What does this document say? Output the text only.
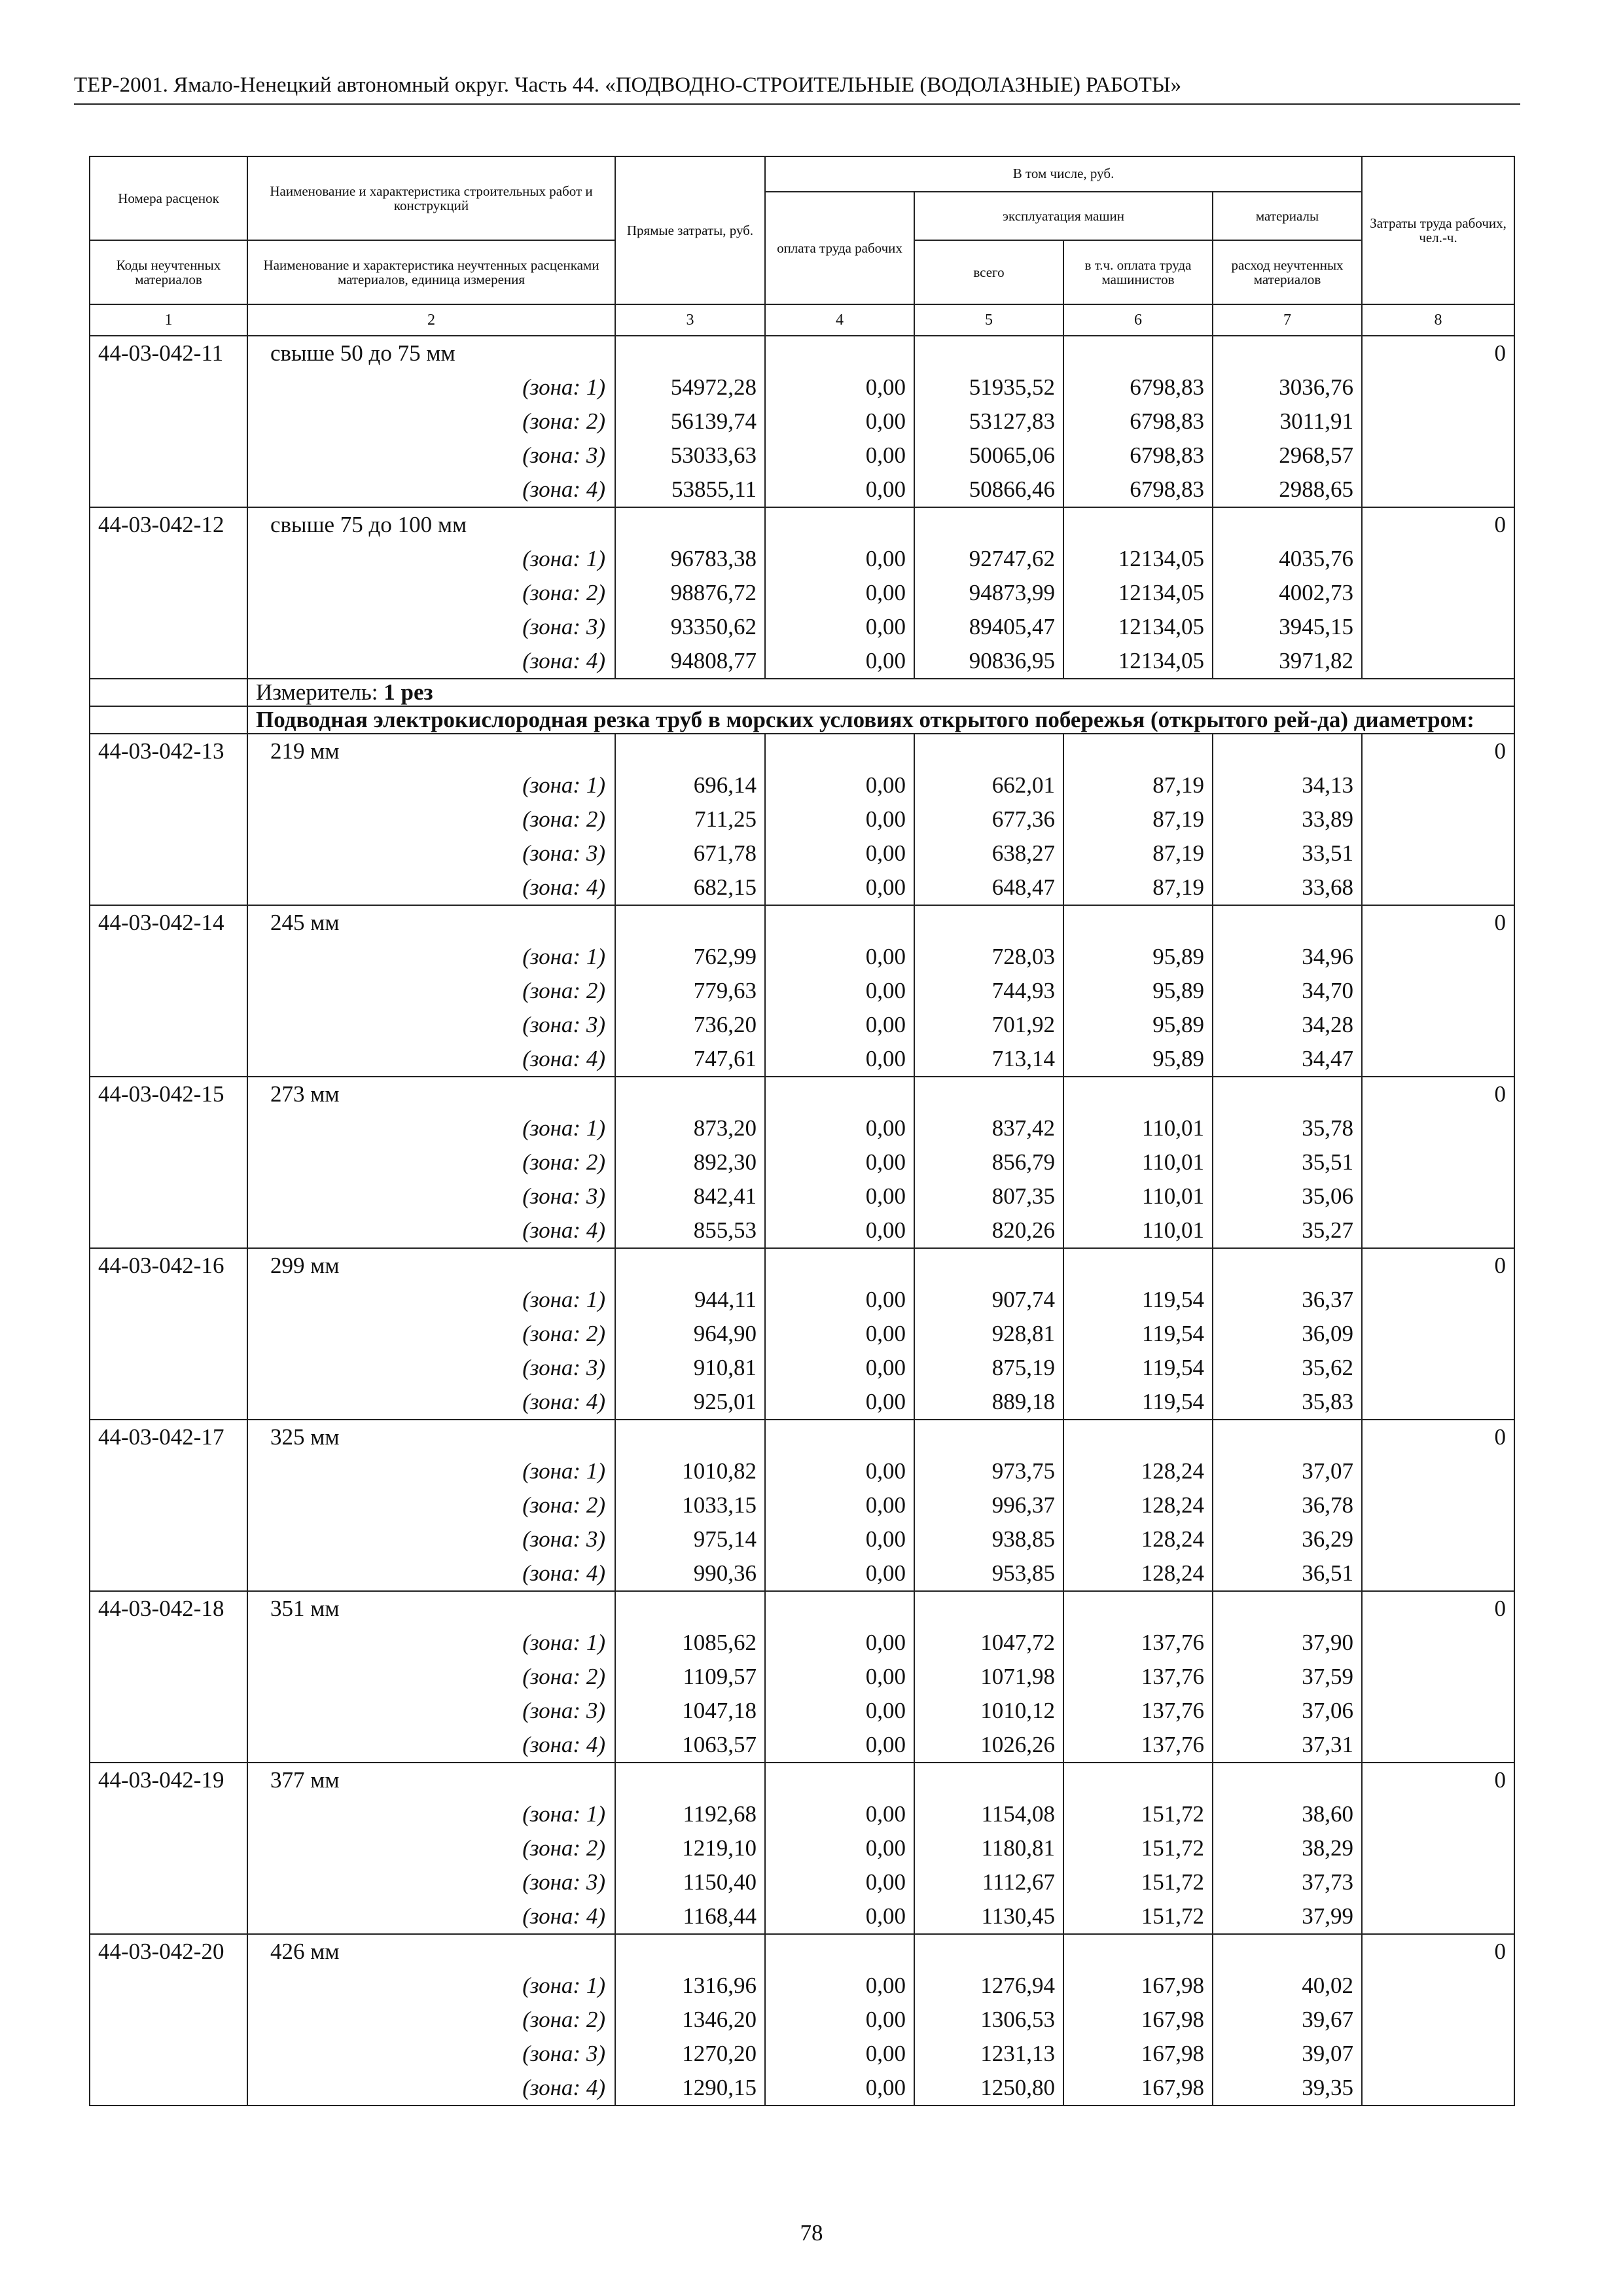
ТЕР-2001. Ямало-Ненецкий автономный округ. Часть 44. «ПОДВОДНО-СТРОИТЕЛЬНЫЕ (ВОДОЛАЗНЫЕ) РАБОТЫ»
Номера расценок	Наименование и характеристика строительных работ и конструкций	Прямые затраты, руб.	В том числе, руб.				Затраты труда рабочих, чел.-ч.
			оплата труда рабочих	эксплуатация машин		материалы	
Коды неучтенных материалов	Наименование и характеристика неучтенных расценками материалов, единица измерения			всего	в т.ч. оплата труда машинистов	расход неучтенных материалов	
1	2	3	4	5	6	7	8
44-03-042-11	свыше 50 до 75 мм						0
	(зона: 1)	54972,28	0,00	51935,52	6798,83	3036,76	
	(зона: 2)	56139,74	0,00	53127,83	6798,83	3011,91	
	(зона: 3)	53033,63	0,00	50065,06	6798,83	2968,57	
	(зона: 4)	53855,11	0,00	50866,46	6798,83	2988,65	
44-03-042-12	свыше 75 до 100 мм						0
	(зона: 1)	96783,38	0,00	92747,62	12134,05	4035,76	
	(зона: 2)	98876,72	0,00	94873,99	12134,05	4002,73	
	(зона: 3)	93350,62	0,00	89405,47	12134,05	3945,15	
	(зона: 4)	94808,77	0,00	90836,95	12134,05	3971,82	
	Измеритель: 1 рез						
	Подводная электрокислородная резка труб в морских условиях открытого побережья (открытого рей-да) диаметром:						
44-03-042-13	219 мм						0
	(зона: 1)	696,14	0,00	662,01	87,19	34,13	
	(зона: 2)	711,25	0,00	677,36	87,19	33,89	
	(зона: 3)	671,78	0,00	638,27	87,19	33,51	
	(зона: 4)	682,15	0,00	648,47	87,19	33,68	
44-03-042-14	245 мм						0
	(зона: 1)	762,99	0,00	728,03	95,89	34,96	
	(зона: 2)	779,63	0,00	744,93	95,89	34,70	
	(зона: 3)	736,20	0,00	701,92	95,89	34,28	
	(зона: 4)	747,61	0,00	713,14	95,89	34,47	
44-03-042-15	273 мм						0
	(зона: 1)	873,20	0,00	837,42	110,01	35,78	
	(зона: 2)	892,30	0,00	856,79	110,01	35,51	
	(зона: 3)	842,41	0,00	807,35	110,01	35,06	
	(зона: 4)	855,53	0,00	820,26	110,01	35,27	
44-03-042-16	299 мм						0
	(зона: 1)	944,11	0,00	907,74	119,54	36,37	
	(зона: 2)	964,90	0,00	928,81	119,54	36,09	
	(зона: 3)	910,81	0,00	875,19	119,54	35,62	
	(зона: 4)	925,01	0,00	889,18	119,54	35,83	
44-03-042-17	325 мм						0
	(зона: 1)	1010,82	0,00	973,75	128,24	37,07	
	(зона: 2)	1033,15	0,00	996,37	128,24	36,78	
	(зона: 3)	975,14	0,00	938,85	128,24	36,29	
	(зона: 4)	990,36	0,00	953,85	128,24	36,51	
44-03-042-18	351 мм						0
	(зона: 1)	1085,62	0,00	1047,72	137,76	37,90	
	(зона: 2)	1109,57	0,00	1071,98	137,76	37,59	
	(зона: 3)	1047,18	0,00	1010,12	137,76	37,06	
	(зона: 4)	1063,57	0,00	1026,26	137,76	37,31	
44-03-042-19	377 мм						0
	(зона: 1)	1192,68	0,00	1154,08	151,72	38,60	
	(зона: 2)	1219,10	0,00	1180,81	151,72	38,29	
	(зона: 3)	1150,40	0,00	1112,67	151,72	37,73	
	(зона: 4)	1168,44	0,00	1130,45	151,72	37,99	
44-03-042-20	426 мм						0
	(зона: 1)	1316,96	0,00	1276,94	167,98	40,02	
	(зона: 2)	1346,20	0,00	1306,53	167,98	39,67	
	(зона: 3)	1270,20	0,00	1231,13	167,98	39,07	
	(зона: 4)	1290,15	0,00	1250,80	167,98	39,35	
78
